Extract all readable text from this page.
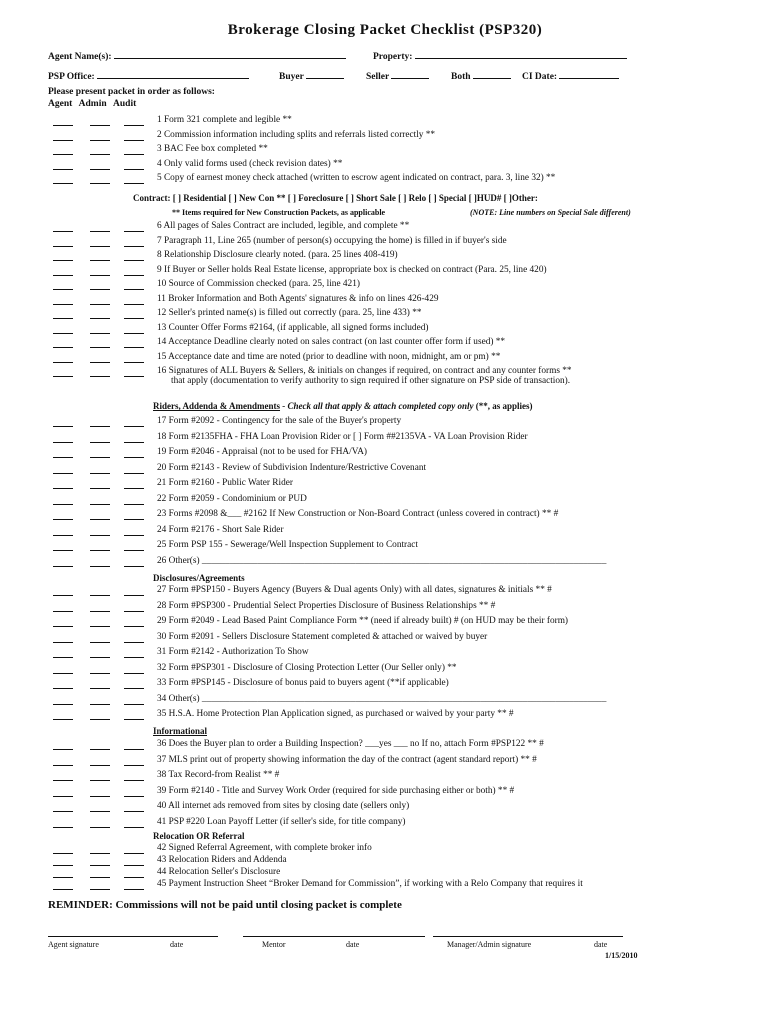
Brokerage Closing Packet Checklist (PSP320)
Agent Name(s):	Property:
PSP Office:	Buyer	Seller	Both	CI Date:
Please present packet in order as follows:
Agent Admin Audit
1 Form 321 complete and legible **
2 Commission information including splits and referrals listed correctly **
3 BAC Fee box completed **
4 Only valid forms used (check revision dates) **
5 Copy of earnest money check attached (written to escrow agent indicated on contract, para. 3, line 32) **
Contract: [ ] Residential [ ] New Con ** [ ] Foreclosure [ ] Short Sale [ ] Relo [ ] Special [ ]HUD# [ ]Other:
** Items required for New Construction Packets, as applicable	(NOTE: Line numbers on Special Sale different)
6 All pages of Sales Contract are included, legible, and complete **
7 Paragraph 11, Line 265 (number of person(s) occupying the home) is filled in if buyer's side
8 Relationship Disclosure clearly noted. (para. 25 lines 408-419)
9 If Buyer or Seller holds Real Estate license, appropriate box is checked on contract (Para. 25, line 420)
10 Source of Commission checked (para. 25, line 421)
11 Broker Information and Both Agents' signatures & info on lines 426-429
12 Seller's printed name(s) is filled out correctly (para. 25, line 433) **
13 Counter Offer Forms #2164, (if applicable, all signed forms included)
14 Acceptance Deadline clearly noted on sales contract (on last counter offer form if used) **
15 Acceptance date and time are noted (prior to deadline with noon, midnight, am or pm) **
16 Signatures of ALL Buyers & Sellers, & initials on changes if required, on contract and any counter forms **
that apply (documentation to verify authority to sign required if other signature on PSP side of transaction).
Riders, Addenda & Amendments - Check all that apply & attach completed copy only (**, as applies)
17 Form #2092 - Contingency for the sale of the Buyer's property
18 Form #2135FHA - FHA Loan Provision Rider or [ ] Form ##2135VA - VA Loan Provision Rider
19 Form #2046 - Appraisal (not to be used for FHA/VA)
20 Form #2143 - Review of Subdivision Indenture/Restrictive Covenant
21 Form #2160 - Public Water Rider
22 Form #2059 - Condominium or PUD
23 Forms #2098 &___ #2162 If New Construction or Non-Board Contract (unless covered in contract) ** #
24 Form #2176 - Short Sale Rider
25 Form PSP 155 - Sewerage/Well Inspection Supplement to Contract
26 Other(s) _______________________________________________________________________________________
Disclosures/Agreements
27 Form #PSP150 - Buyers Agency (Buyers & Dual agents Only) with all dates, signatures & initials ** #
28 Form #PSP300 - Prudential Select Properties Disclosure of Business Relationships ** #
29 Form #2049 - Lead Based Paint Compliance Form ** (need if already built) # (on HUD may be their form)
30 Form #2091 - Sellers Disclosure Statement completed & attached or waived by buyer
31 Form #2142 - Authorization To Show
32 Form #PSP301 - Disclosure of Closing Protection Letter (Our Seller only) **
33 Form #PSP145 - Disclosure of bonus paid to buyers agent (**if applicable)
34 Other(s) _______________________________________________________________________________________
35 H.S.A. Home Protection Plan Application signed, as purchased or waived by your party ** #
Informational
36 Does the Buyer plan to order a Building Inspection? ___yes ___ no If no, attach Form #PSP122 ** #
37 MLS print out of property showing information the day of the contract (agent standard report) ** #
38 Tax Record-from Realist ** #
39 Form #2140 - Title and Survey Work Order (required for side purchasing either or both) ** #
40 All internet ads removed from sites by closing date (sellers only)
41 PSP #220 Loan Payoff Letter (if seller's side, for title company)
Relocation OR Referral
42 Signed Referral Agreement, with complete broker info
43 Relocation Riders and Addenda
44 Relocation Seller's Disclosure
45 Payment Instruction Sheet “Broker Demand for Commission”, if working with a Relo Company that requires it
REMINDER: Commissions will not be paid until closing packet is complete
Agent signature	date	Mentor	date	Manager/Admin signature	date
1/15/2010
